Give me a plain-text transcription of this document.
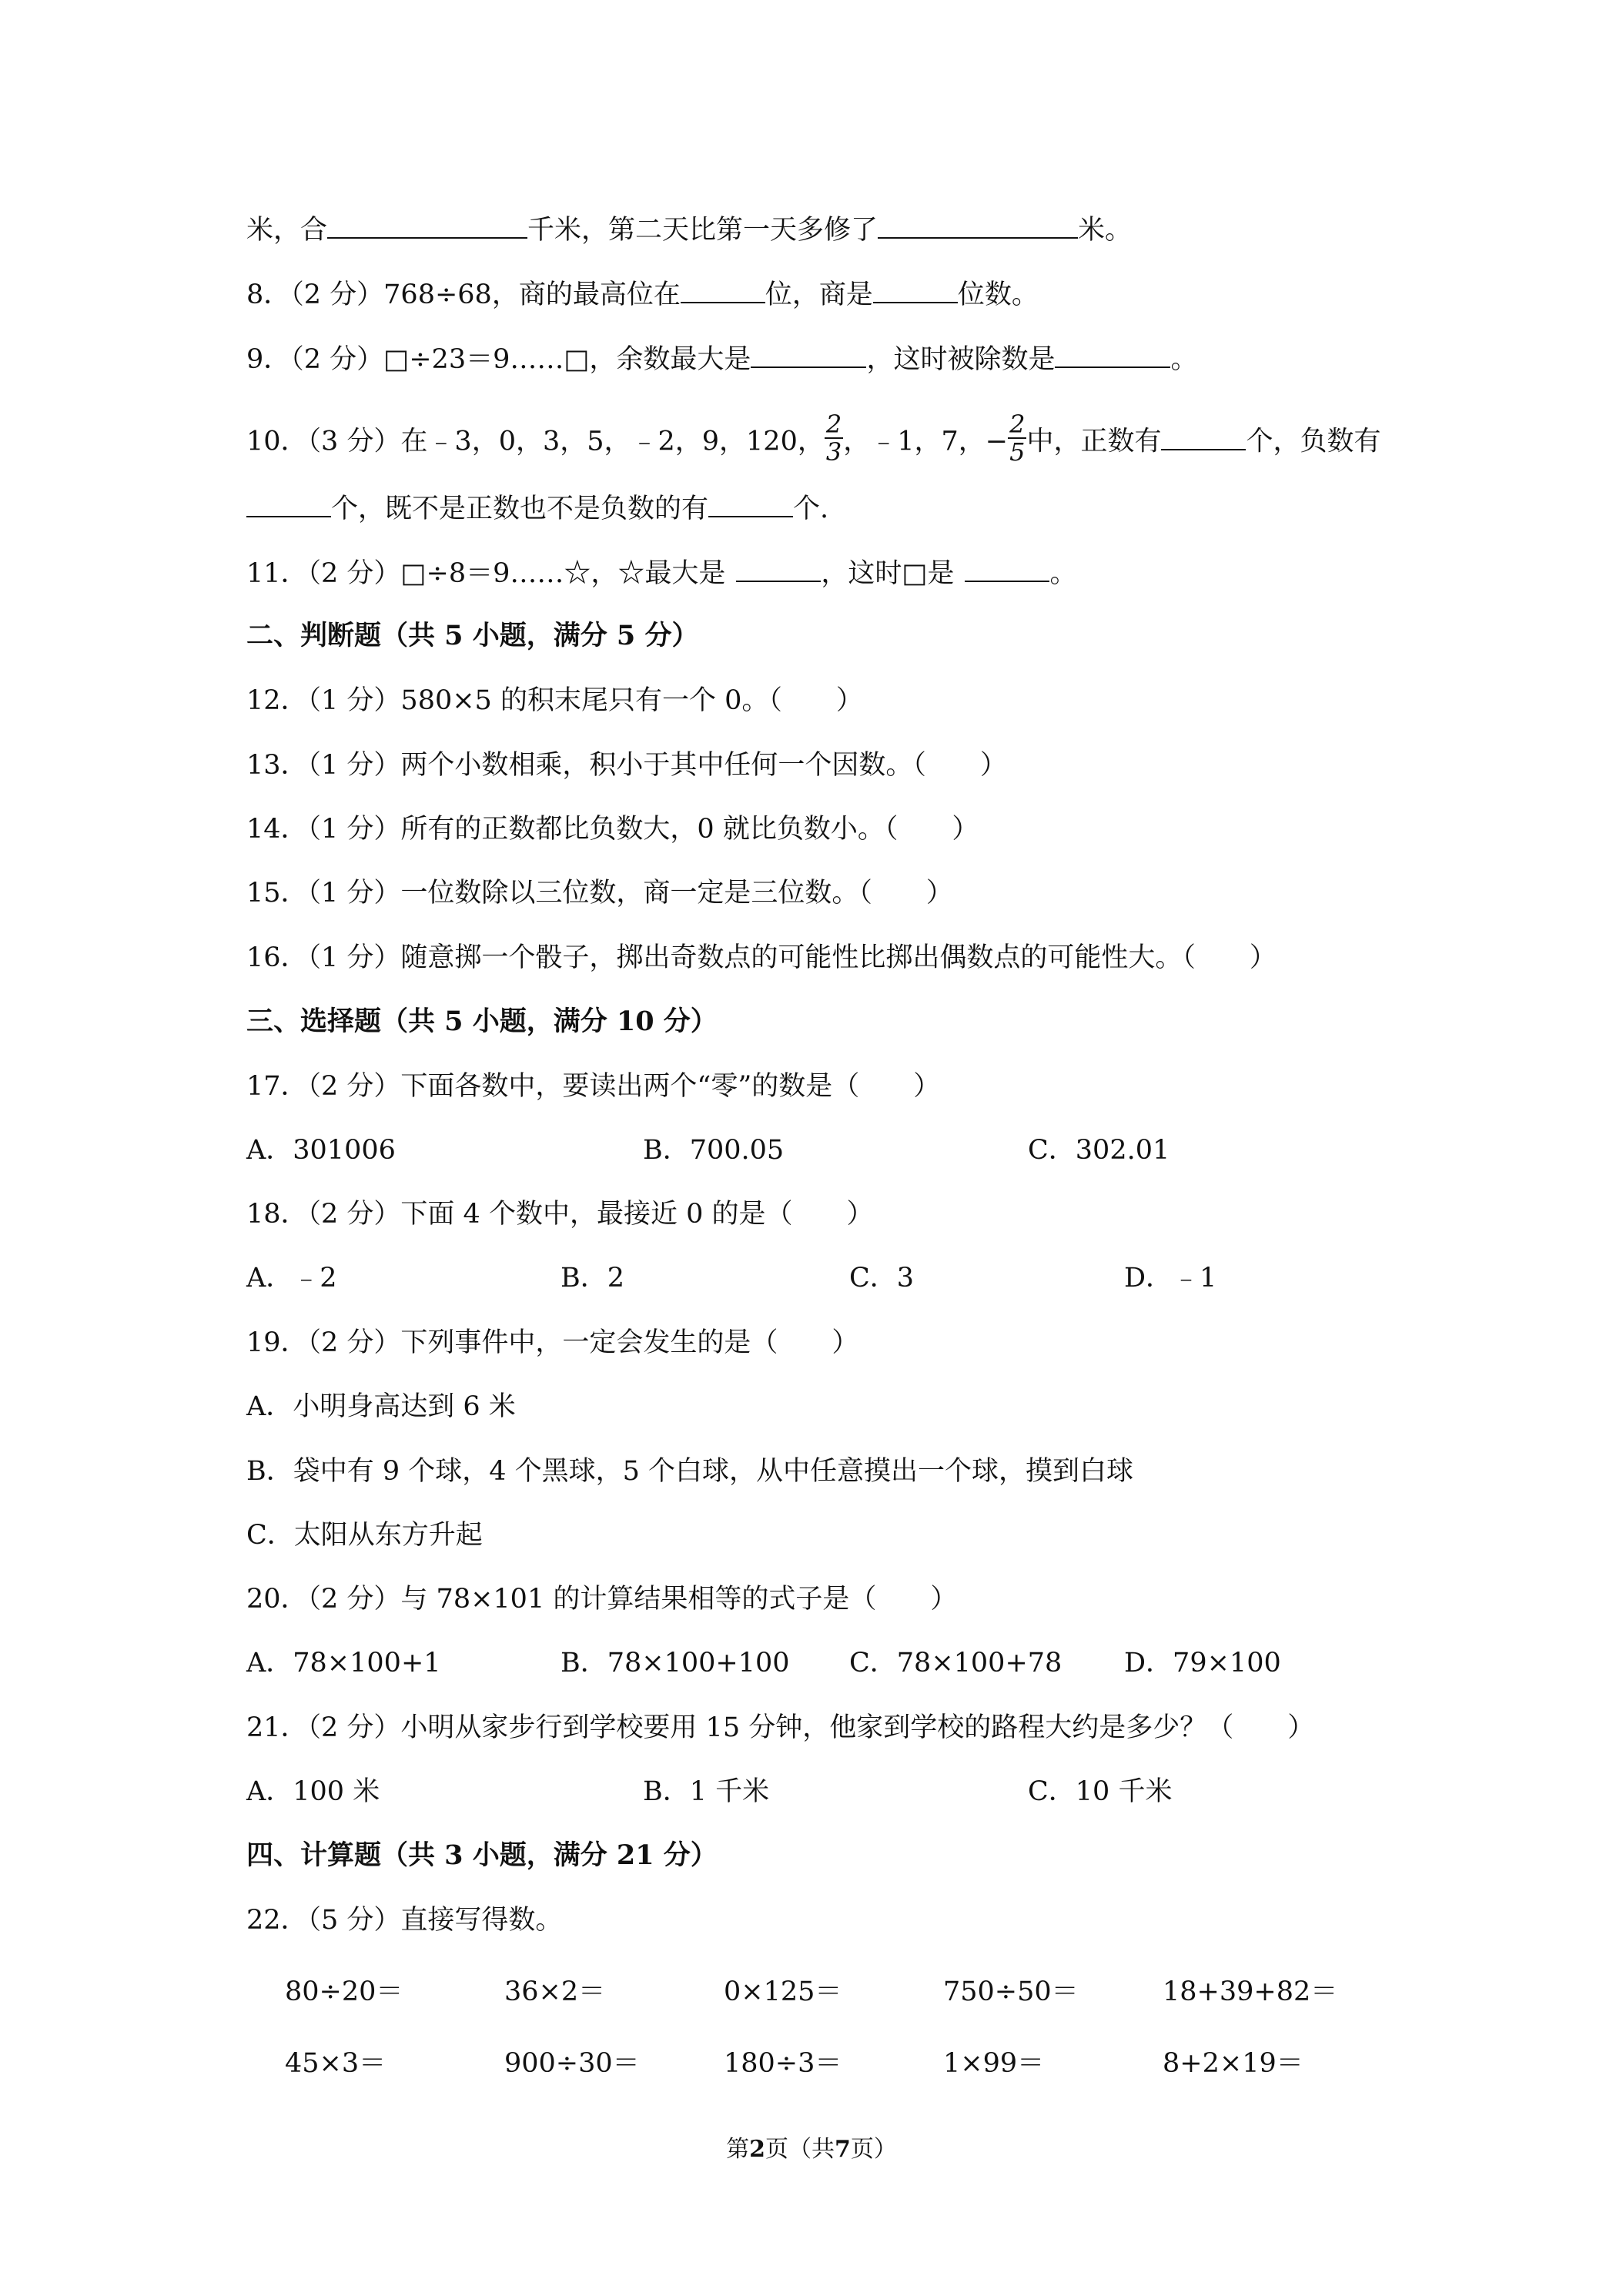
米，合	千米，第二天比第一天多修了	米。
8．（2 分）768÷68，商的最高位在	位，商是	位数。
9．（2 分）□÷23＝9……□，余数最大是	，这时被除数是	。
10．（3 分）在﹣3，0，3，5，﹣2，9，120， $\frac{2}{3}$ ，﹣1，7，− $\frac{2}{5}$ 中，正数有	个，负数有
个，既不是正数也不是负数的有	个.
11．（2 分）□÷8＝9……☆，☆最大是	，这时□是	。
二、判断题（共 5 小题，满分 5 分）
12．（1 分）580×5 的积末尾只有一个 0。（　　）
13．（1 分）两个小数相乘，积小于其中任何一个因数。（　　）
14．（1 分）所有的正数都比负数大，0 就比负数小。（　　）
15．（1 分）一位数除以三位数，商一定是三位数。（　　）
16．（1 分）随意掷一个骰子，掷出奇数点的可能性比掷出偶数点的可能性大。（　　）
三、选择题（共 5 小题，满分 10 分）
17．（2 分）下面各数中，要读出两个“零”的数是（　　）
A．301006	B．700.05	C．302.01
18．（2 分）下面 4 个数中，最接近 0 的是（　　）
A．﹣2	B．2	C．3	D．﹣1
19．（2 分）下列事件中，一定会发生的是（　　）
A．小明身高达到 6 米
B．袋中有 9 个球，4 个黑球，5 个白球，从中任意摸出一个球，摸到白球
C．太阳从东方升起
20．（2 分）与 78×101 的计算结果相等的式子是（　　）
A．78×100+1	B．78×100+100 C．78×100+78 D．79×100
21．（2 分）小明从家步行到学校要用 15 分钟，他家到学校的路程大约是多少？（　　）
A．100 米	B．1 千米	C．10 千米
四、计算题（共 3 小题，满分 21 分）
22．（5 分）直接写得数。
80÷20＝	36×2＝	0×125＝	750÷50＝	18+39+82＝
45×3＝	900÷30＝	180÷3＝	1×99＝	8+2×19＝
第2页（共7页）
